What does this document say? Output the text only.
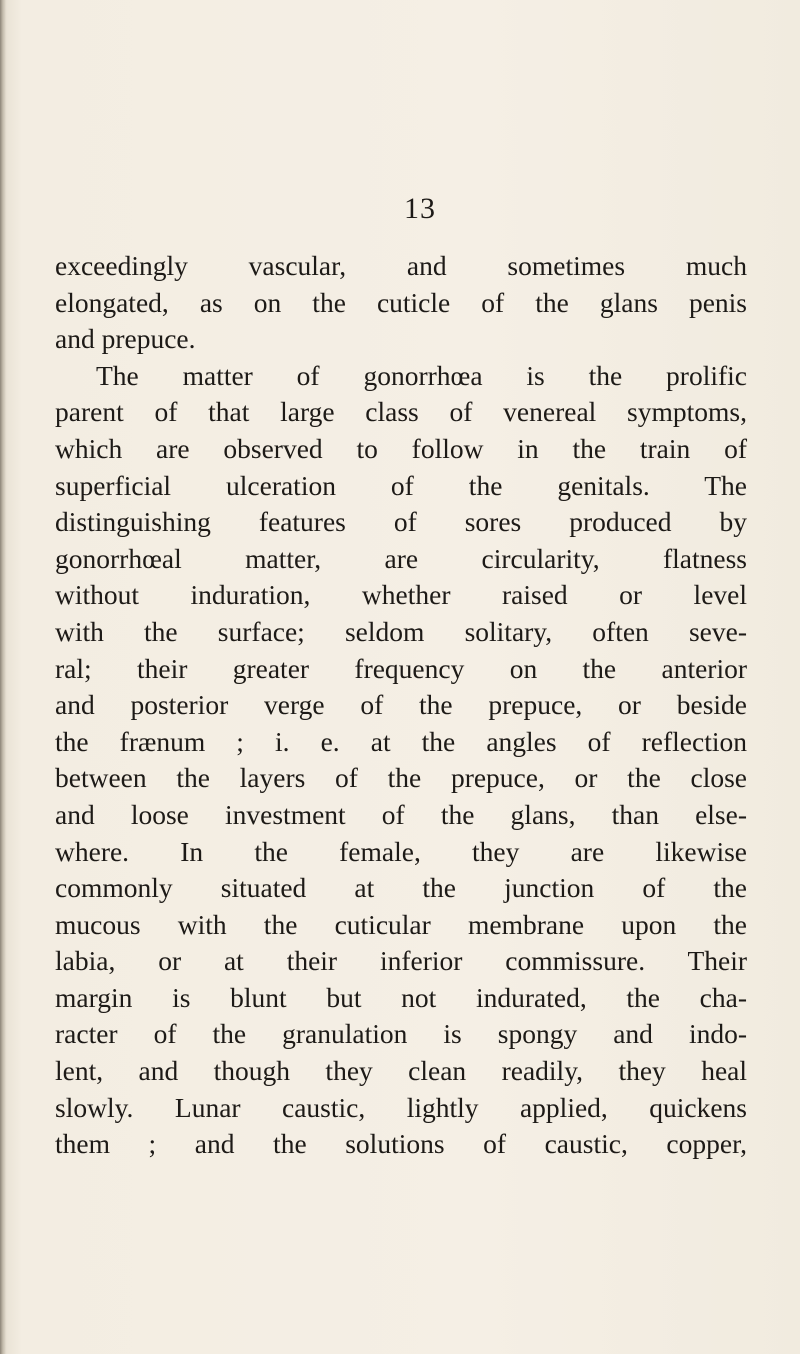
13
exceedingly vascular, and sometimes much
elongated, as on the cuticle of the glans penis
and prepuce.
The matter of gonorrhœa is the prolific
parent of that large class of venereal symptoms,
which are observed to follow in the train of
superficial ulceration of the genitals. The
distinguishing features of sores produced by
gonorrhœal matter, are circularity, flatness
without induration, whether raised or level
with the surface; seldom solitary, often seve-
ral; their greater frequency on the anterior
and posterior verge of the prepuce, or beside
the frænum ; i. e. at the angles of reflection
between the layers of the prepuce, or the close
and loose investment of the glans, than else-
where. In the female, they are likewise
commonly situated at the junction of the
mucous with the cuticular membrane upon the
labia, or at their inferior commissure. Their
margin is blunt but not indurated, the cha-
racter of the granulation is spongy and indo-
lent, and though they clean readily, they heal
slowly. Lunar caustic, lightly applied, quickens
them ; and the solutions of caustic, copper,
